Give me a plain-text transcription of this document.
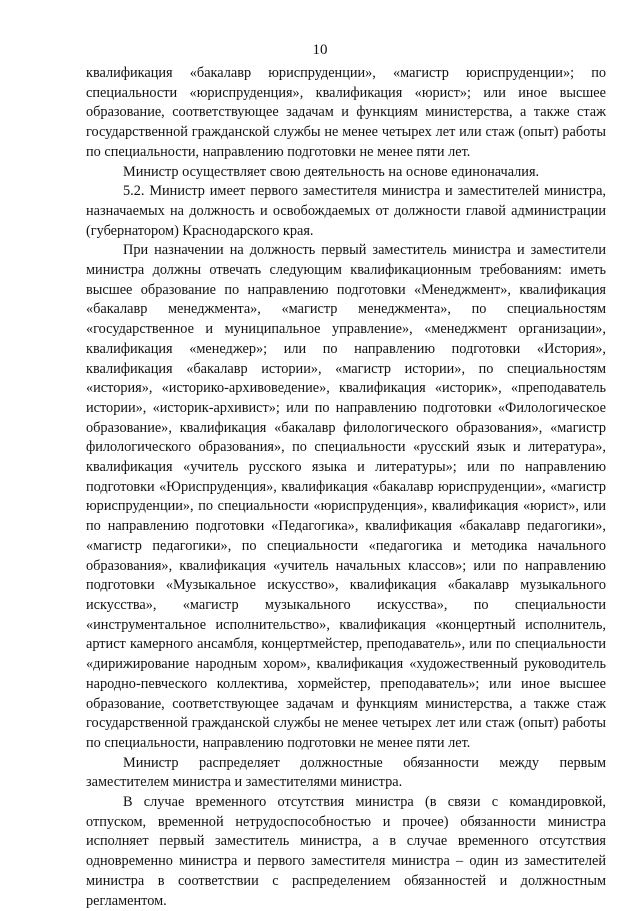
10

квалификация «бакалавр юриспруденции», «магистр юриспруденции»; по специальности «юриспруденция», квалификация «юрист»; или иное высшее образование, соответствующее задачам и функциям министерства, а также стаж государственной гражданской службы не менее четырех лет или стаж (опыт) работы по специальности, направлению подготовки не менее пяти лет.

Министр осуществляет свою деятельность на основе единоначалия.

5.2. Министр имеет первого заместителя министра и заместителей министра, назначаемых на должность и освобождаемых от должности главой администрации (губернатором) Краснодарского края.

При назначении на должность первый заместитель министра и заместители министра должны отвечать следующим квалификационным требованиям: иметь высшее образование по направлению подготовки «Менеджмент», квалификация «бакалавр менеджмента», «магистр менеджмента», по специальностям «государственное и муниципальное управление», «менеджмент организации», квалификация «менеджер»; или по направлению подготовки «История», квалификация «бакалавр истории», «магистр истории», по специальностям «история», «историко-архивоведение», квалификация «историк», «преподаватель истории», «историк-архивист»; или по направлению подготовки «Филологическое образование», квалификация «бакалавр филологического образования», «магистр филологического образования», по специальности «русский язык и литература», квалификация «учитель русского языка и литературы»; или по направлению подготовки «Юриспруденция», квалификация «бакалавр юриспруденции», «магистр юриспруденции», по специальности «юриспруденция», квалификация «юрист», или по направлению подготовки «Педагогика», квалификация «бакалавр педагогики», «магистр педагогики», по специальности «педагогика и методика начального образования», квалификация «учитель начальных классов»; или по направлению подготовки «Музыкальное искусство», квалификация «бакалавр музыкального искусства», «магистр музыкального искусства», по специальности «инструментальное исполнительство», квалификация «концертный исполнитель, артист камерного ансамбля, концертмейстер, преподаватель», или по специальности «дирижирование народным хором», квалификация «художественный руководитель народно-певческого коллектива, хормейстер, преподаватель»; или иное высшее образование, соответствующее задачам и функциям министерства, а также стаж государственной гражданской службы не менее четырех лет или стаж (опыт) работы по специальности, направлению подготовки не менее пяти лет.

Министр распределяет должностные обязанности между первым заместителем министра и заместителями министра.

В случае временного отсутствия министра (в связи с командировкой, отпуском, временной нетрудоспособностью и прочее) обязанности министра исполняет первый заместитель министра, а в случае временного отсутствия одновременно министра и первого заместителя министра – один из заместителей министра в соответствии с распределением обязанностей и должностным регламентом.
